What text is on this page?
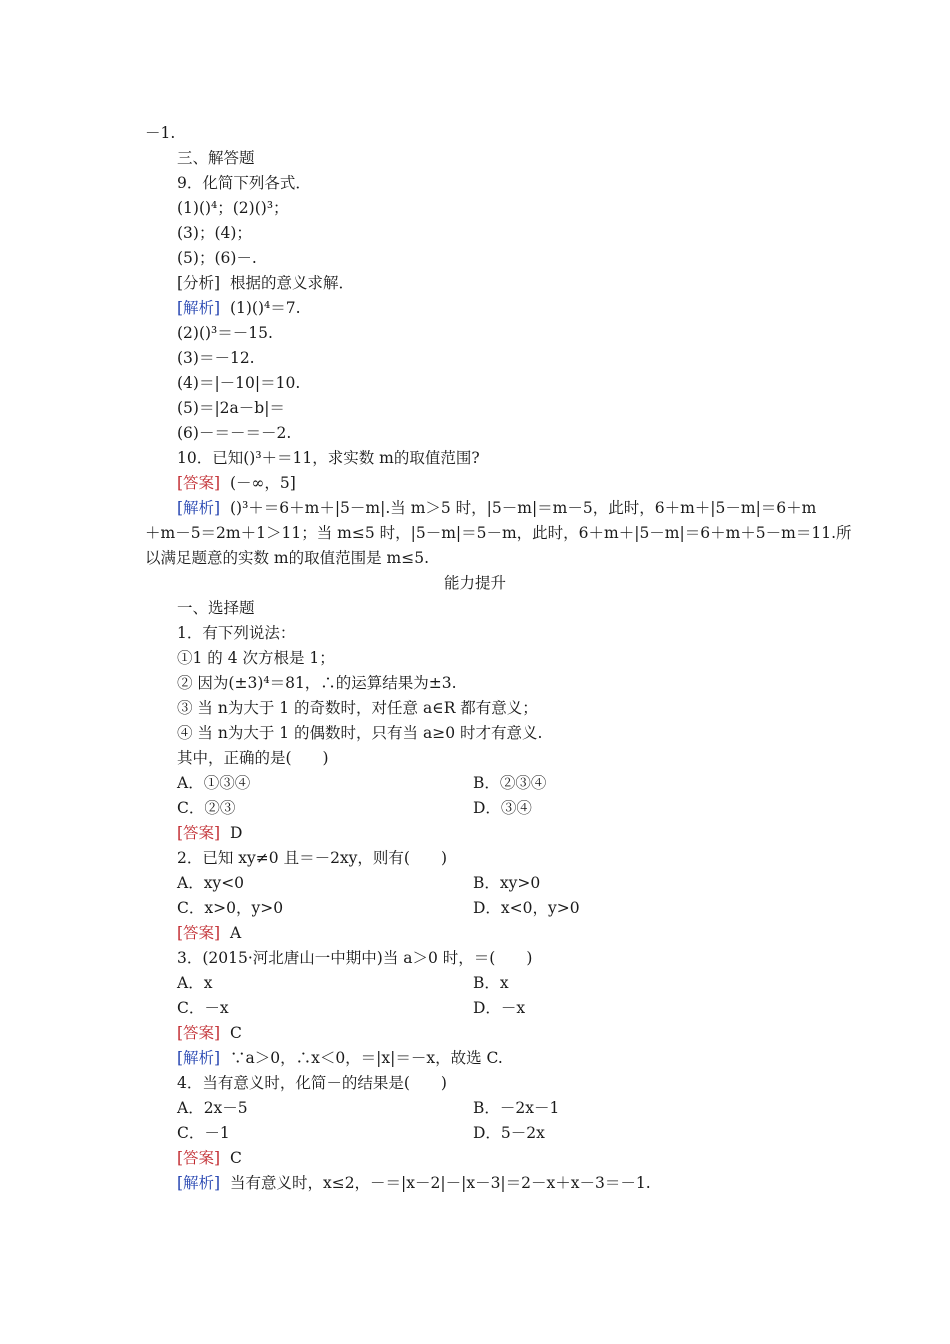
－1.
三、解答题
9．化简下列各式．
(1)()⁴；(2)()³；
(3)；(4)；
(5)；(6)－.
[分析] 根据的意义求解．
[解析] (1)()⁴＝7.
(2)()³＝－15.
(3)＝－12.
(4)＝|－10|＝10.
(5)＝|2a－b|＝
(6)－＝－＝－2.
10．已知()³＋＝11，求实数 m的取值范围?
[答案] (－∞，5]
[解析] ()³＋＝6＋m＋|5－m|.当 m＞5 时，|5－m|＝m－5，此时，6＋m＋|5－m|＝6＋m
＋m－5＝2m＋1＞11；当 m≤5 时，|5－m|＝5－m，此时，6＋m＋|5－m|＝6＋m＋5－m＝11.所
以满足题意的实数 m的取值范围是 m≤5.
能力提升
一、选择题
1．有下列说法：
①1 的 4 次方根是 1；
② 因为(±3)⁴＝81，∴的运算结果为±3.
③ 当 n为大于 1 的奇数时，对任意 a∈R 都有意义；
④ 当 n为大于 1 的偶数时，只有当 a≥0 时才有意义.
其中，正确的是(　　)
A．①③④	B．②③④
C．②③	D．③④
[答案] D
2．已知 xy≠0 且＝－2xy，则有(　　)
A．xy<0	B．xy>0
C．x>0，y>0	D．x<0，y>0
[答案] A
3．(2015·河北唐山一中期中)当 a＞0 时，＝(　　)
A．x	B．x
C．－x	D．－x
[答案] C
[解析] ∵a＞0，∴x＜0，＝|x|＝－x，故选 C.
4．当有意义时，化简－的结果是(　　)
A．2x－5	B．－2x－1
C．－1	D．5－2x
[答案] C
[解析] 当有意义时，x≤2，－＝|x－2|－|x－3|＝2－x＋x－3＝－1.
